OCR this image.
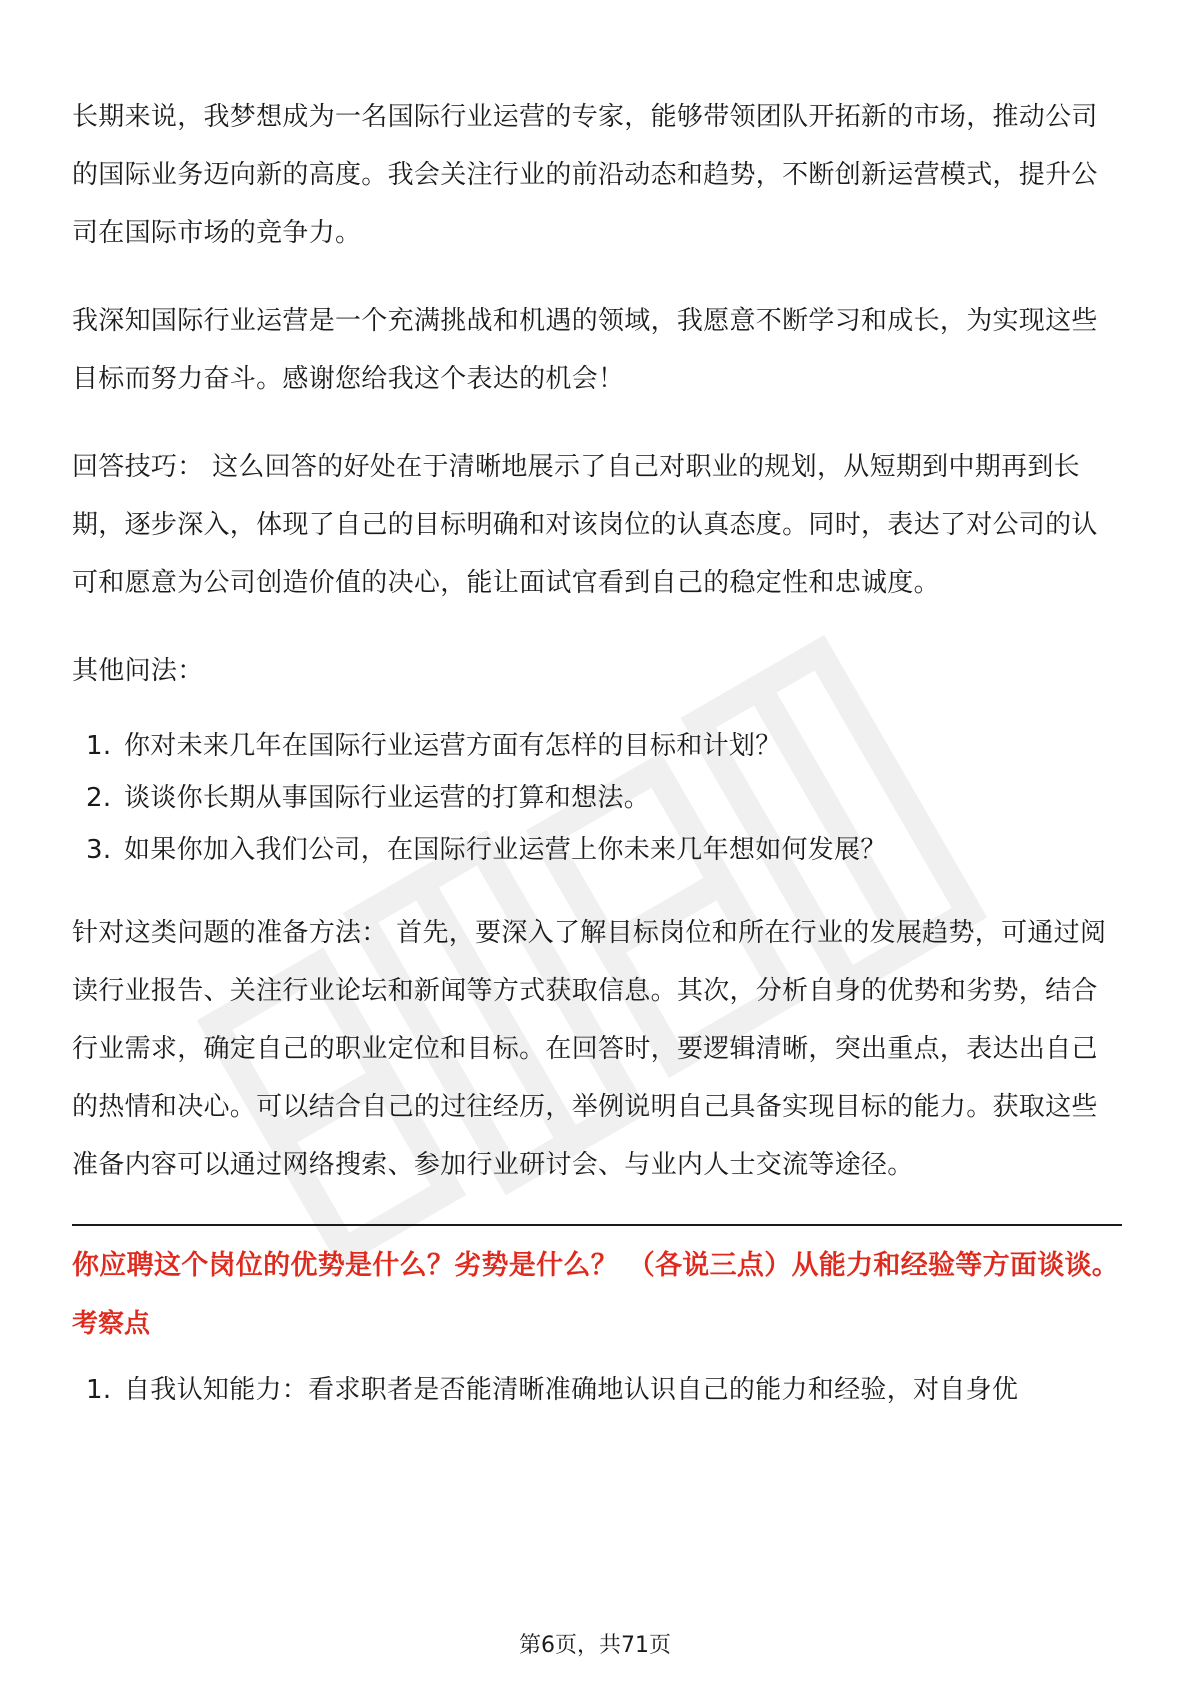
长期来说，我梦想成为一名国际行业运营的专家，能够带领团队开拓新的市场，推动公司的国际业务迈向新的高度。我会关注行业的前沿动态和趋势，不断创新运营模式，提升公司在国际市场的竞争力。

我深知国际行业运营是一个充满挑战和机遇的领域，我愿意不断学习和成长，为实现这些目标而努力奋斗。感谢您给我这个表达的机会！

回答技巧： 这么回答的好处在于清晰地展示了自己对职业的规划，从短期到中期再到长期，逐步深入，体现了自己的目标明确和对该岗位的认真态度。同时，表达了对公司的认可和愿意为公司创造价值的决心，能让面试官看到自己的稳定性和忠诚度。

其他问法：

1. 你对未来几年在国际行业运营方面有怎样的目标和计划？
2. 谈谈你长期从事国际行业运营的打算和想法。
3. 如果你加入我们公司，在国际行业运营上你未来几年想如何发展？

针对这类问题的准备方法： 首先，要深入了解目标岗位和所在行业的发展趋势，可通过阅读行业报告、关注行业论坛和新闻等方式获取信息。其次，分析自身的优势和劣势，结合行业需求，确定自己的职业定位和目标。在回答时，要逻辑清晰，突出重点，表达出自己的热情和决心。可以结合自己的过往经历，举例说明自己具备实现目标的能力。获取这些准备内容可以通过网络搜索、参加行业研讨会、与业内人士交流等途径。

你应聘这个岗位的优势是什么？劣势是什么？ （各说三点）从能力和经验等方面谈谈。

考察点

1. 自我认知能力：看求职者是否能清晰准确地认识自己的能力和经验，对自身优
第6页，共71页
